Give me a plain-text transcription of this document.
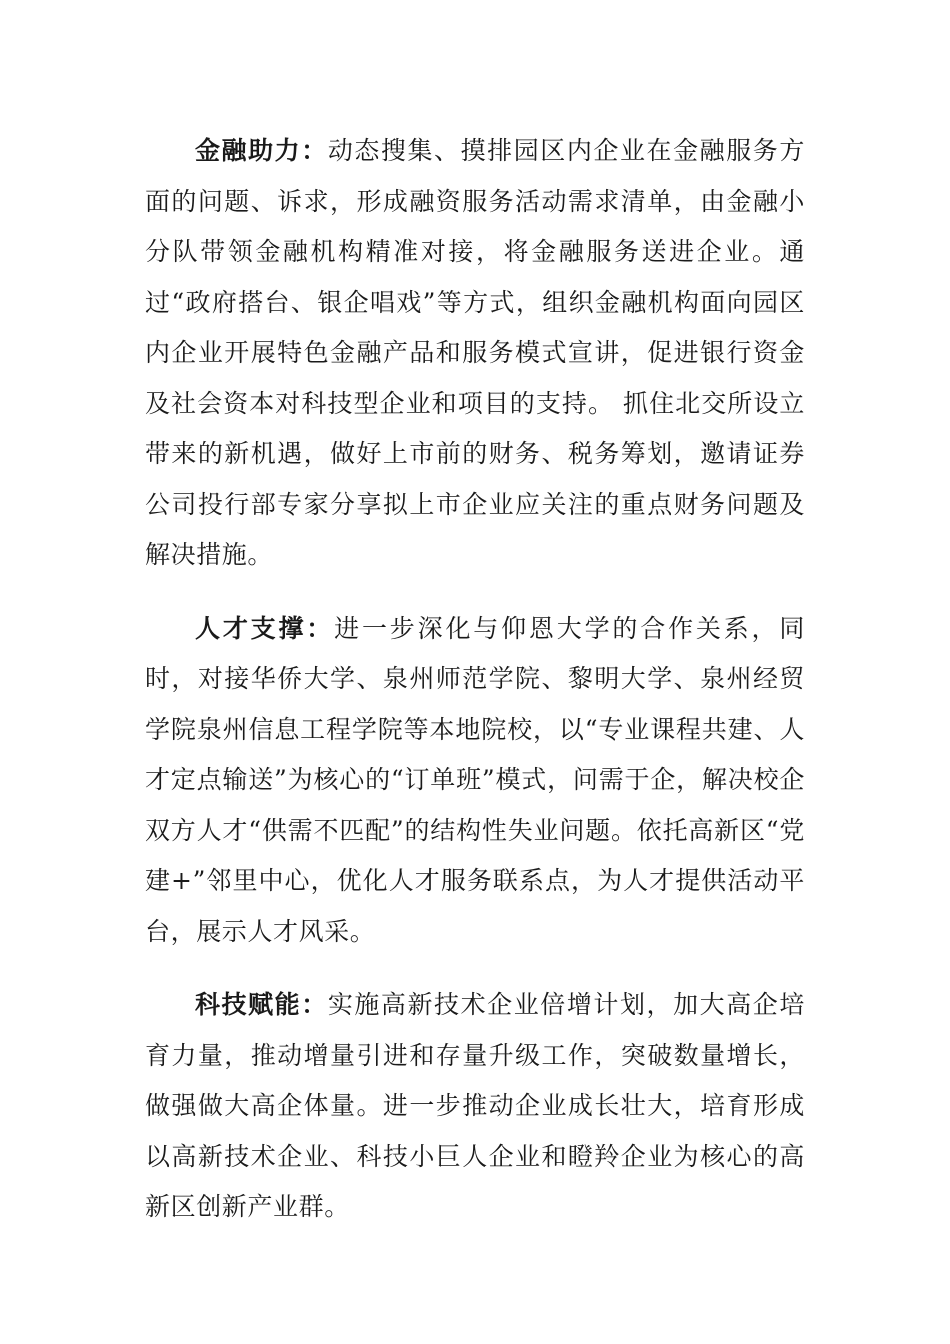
金融助力：动态搜集、摸排园区内企业在金融服务方面的问题、诉求，形成融资服务活动需求清单，由金融小分队带领金融机构精准对接，将金融服务送进企业。通过“政府搭台、银企唱戏”等方式，组织金融机构面向园区内企业开展特色金融产品和服务模式宣讲，促进银行资金及社会资本对科技型企业和项目的支持。 抓住北交所设立带来的新机遇，做好上市前的财务、税务筹划，邀请证券公司投行部专家分享拟上市企业应关注的重点财务问题及解决措施。

人才支撑：进一步深化与仰恩大学的合作关系，同时，对接华侨大学、泉州师范学院、黎明大学、泉州经贸学院泉州信息工程学院等本地院校，以“专业课程共建、人才定点输送”为核心的“订单班”模式，问需于企，解决校企双方人才“供需不匹配”的结构性失业问题。依托高新区“党建+”邻里中心，优化人才服务联系点，为人才提供活动平台，展示人才风采。

科技赋能：实施高新技术企业倍增计划，加大高企培育力量，推动增量引进和存量升级工作，突破数量增长，做强做大高企体量。进一步推动企业成长壮大，培育形成以高新技术企业、科技小巨人企业和瞪羚企业为核心的高新区创新产业群。
